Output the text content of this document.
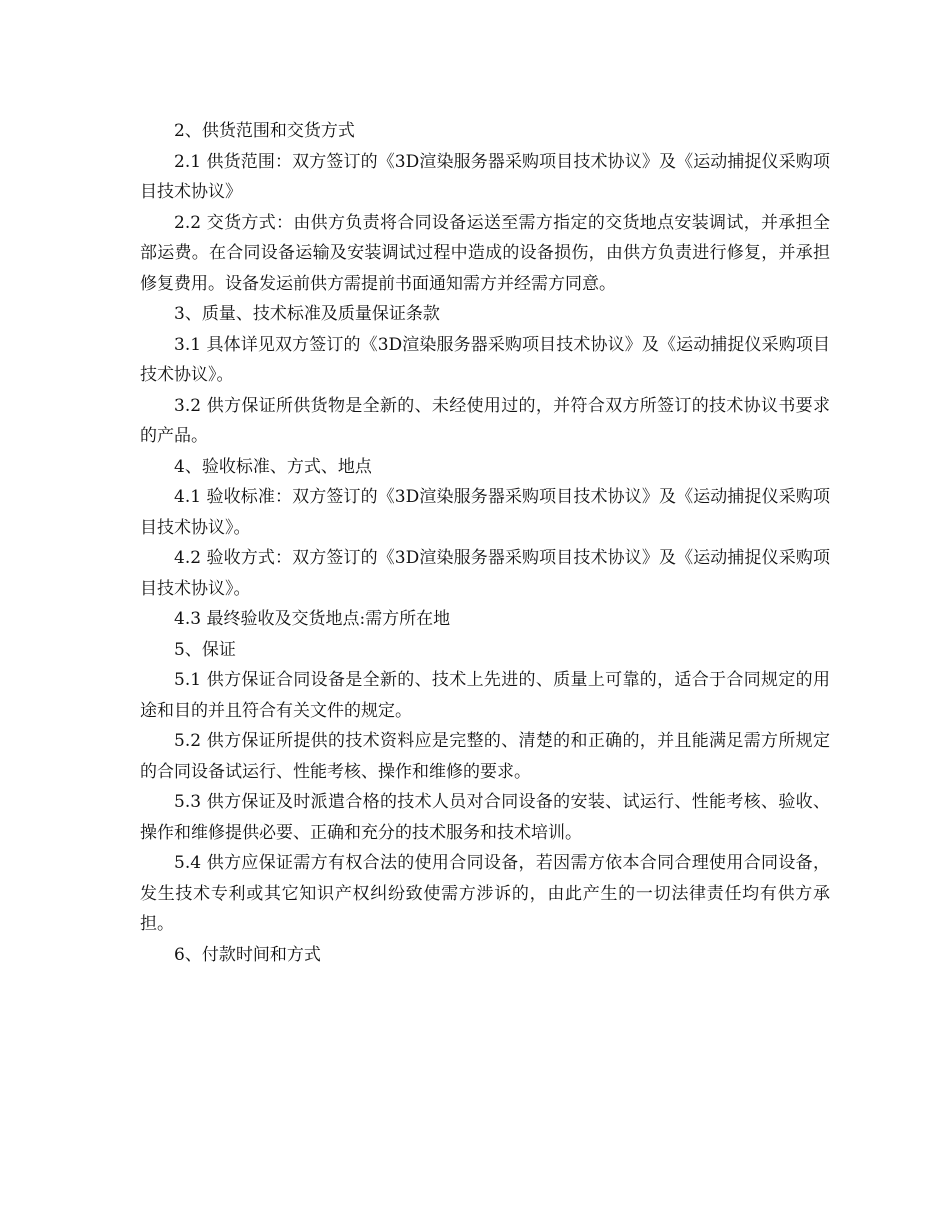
2、供货范围和交货方式

2.1 供货范围：双方签订的《3D渲染服务器采购项目技术协议》及《运动捕捉仪采购项目技术协议》

2.2 交货方式：由供方负责将合同设备运送至需方指定的交货地点安装调试，并承担全部运费。在合同设备运输及安装调试过程中造成的设备损伤，由供方负责进行修复，并承担修复费用。设备发运前供方需提前书面通知需方并经需方同意。

3、质量、技术标准及质量保证条款

3.1 具体详见双方签订的《3D渲染服务器采购项目技术协议》及《运动捕捉仪采购项目技术协议》。

3.2 供方保证所供货物是全新的、未经使用过的，并符合双方所签订的技术协议书要求的产品。

4、验收标准、方式、地点

4.1 验收标准：双方签订的《3D渲染服务器采购项目技术协议》及《运动捕捉仪采购项目技术协议》。

4.2 验收方式：双方签订的《3D渲染服务器采购项目技术协议》及《运动捕捉仪采购项目技术协议》。

4.3 最终验收及交货地点:需方所在地

5、保证

5.1 供方保证合同设备是全新的、技术上先进的、质量上可靠的，适合于合同规定的用途和目的并且符合有关文件的规定。

5.2 供方保证所提供的技术资料应是完整的、清楚的和正确的，并且能满足需方所规定的合同设备试运行、性能考核、操作和维修的要求。

5.3 供方保证及时派遣合格的技术人员对合同设备的安装、试运行、性能考核、验收、操作和维修提供必要、正确和充分的技术服务和技术培训。

5.4 供方应保证需方有权合法的使用合同设备，若因需方依本合同合理使用合同设备，发生技术专利或其它知识产权纠纷致使需方涉诉的，由此产生的一切法律责任均有供方承担。

6、付款时间和方式
